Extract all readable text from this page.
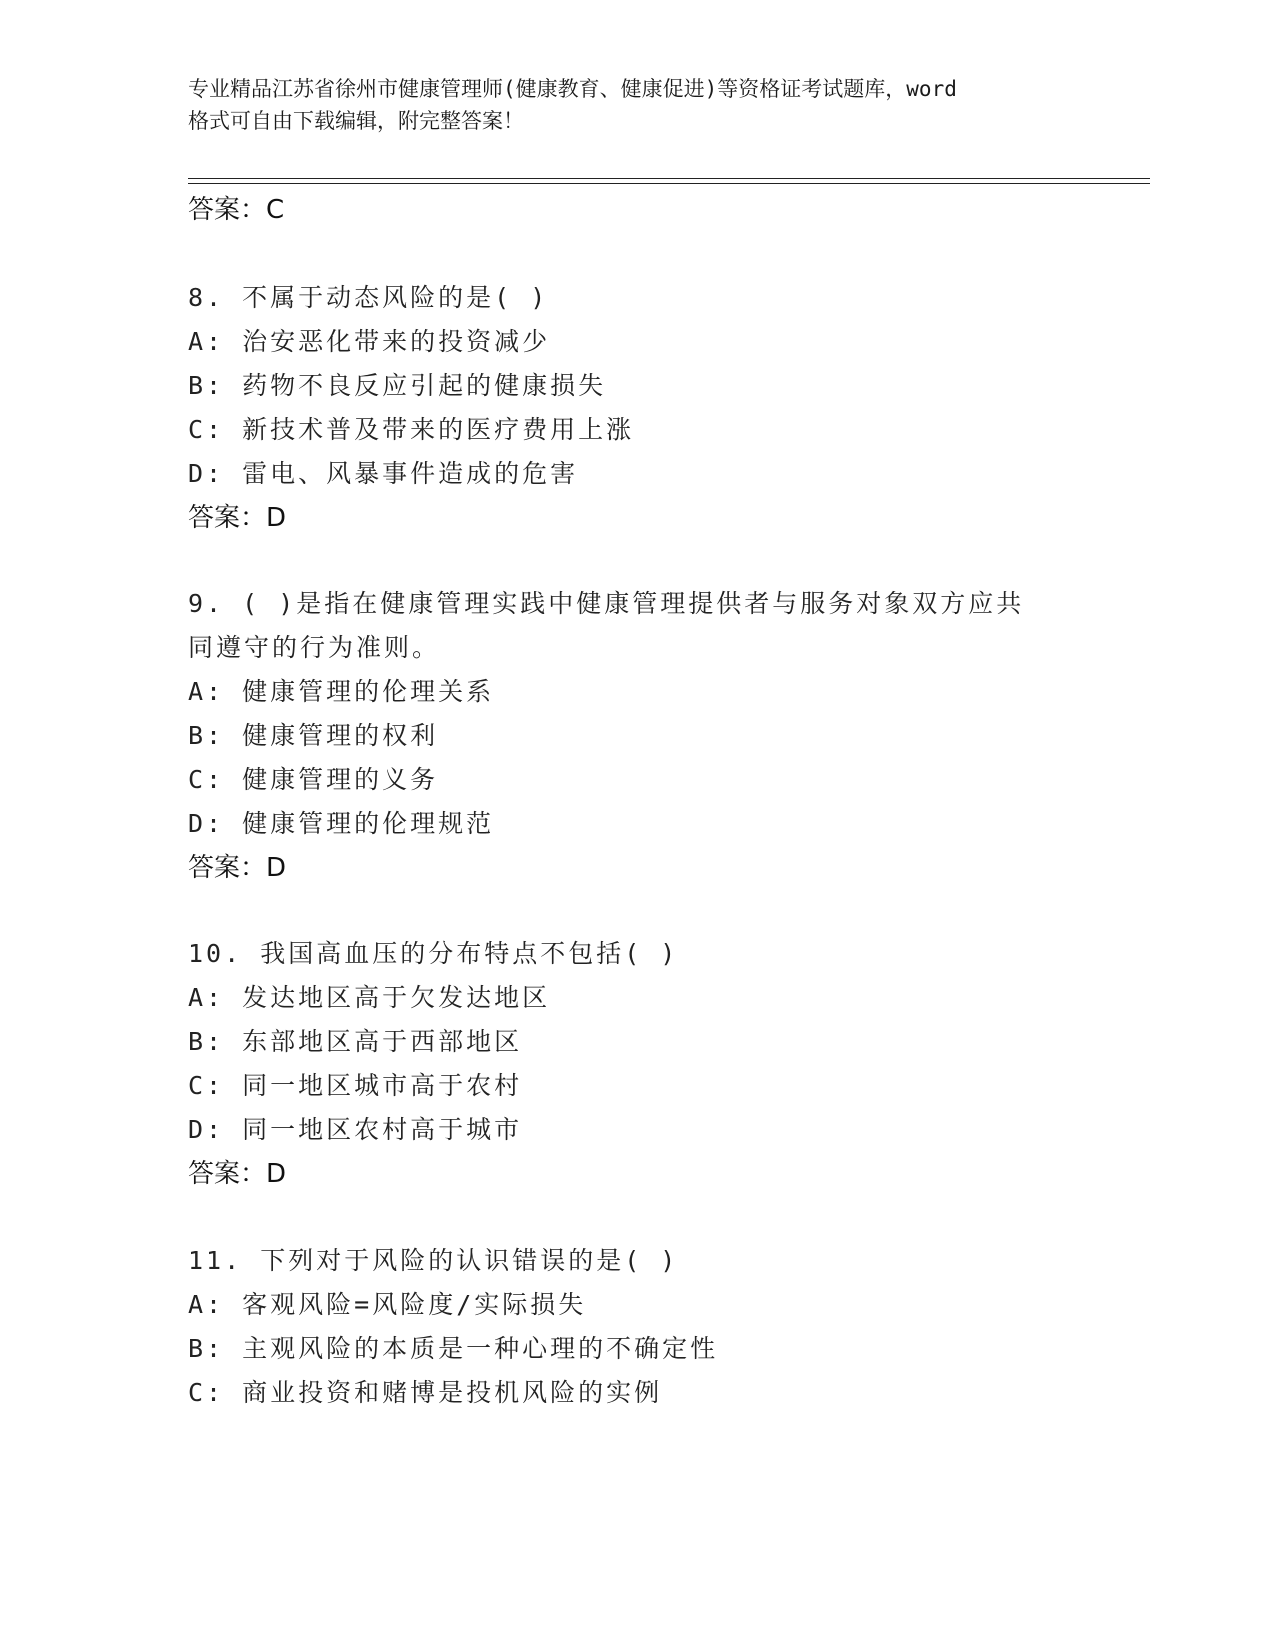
专业精品江苏省徐州市健康管理师(健康教育、健康促进)等资格证考试题库，word
格式可自由下载编辑，附完整答案！
答案：C
8. 不属于动态风险的是( )
A: 治安恶化带来的投资减少
B: 药物不良反应引起的健康损失
C: 新技术普及带来的医疗费用上涨
D: 雷电、风暴事件造成的危害
答案：D
9. ( )是指在健康管理实践中健康管理提供者与服务对象双方应共
同遵守的行为准则。
A: 健康管理的伦理关系
B: 健康管理的权利
C: 健康管理的义务
D: 健康管理的伦理规范
答案：D
10. 我国高血压的分布特点不包括( )
A: 发达地区高于欠发达地区
B: 东部地区高于西部地区
C: 同一地区城市高于农村
D: 同一地区农村高于城市
答案：D
11. 下列对于风险的认识错误的是( )
A: 客观风险=风险度/实际损失
B: 主观风险的本质是一种心理的不确定性
C: 商业投资和赌博是投机风险的实例
